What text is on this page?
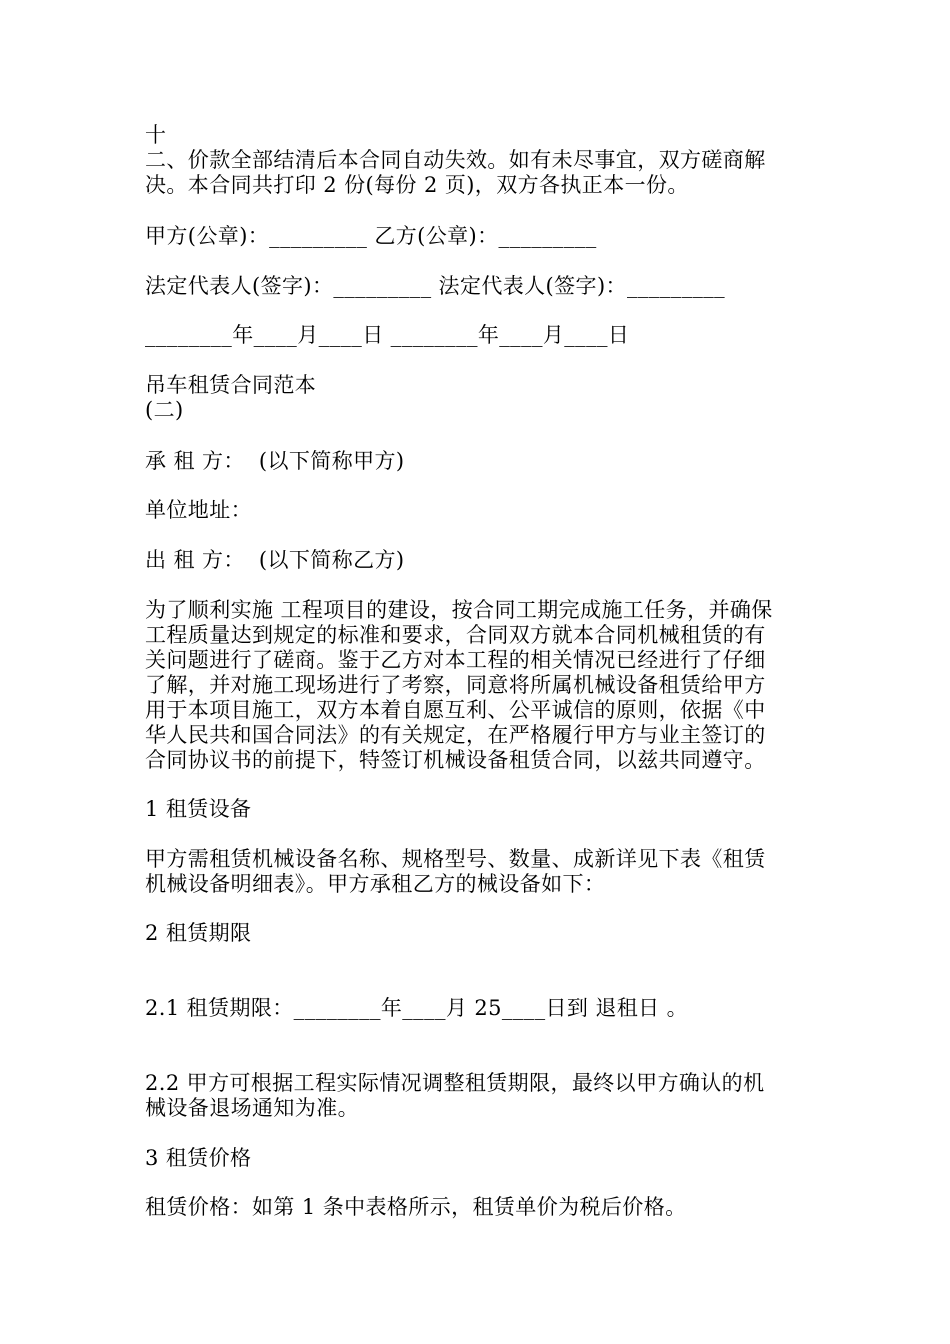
十
二、价款全部结清后本合同自动失效。如有未尽事宜，双方磋商解
决。本合同共打印 2 份(每份 2 页)，双方各执正本一份。
甲方(公章)：_________ 乙方(公章)：_________
法定代表人(签字)：_________ 法定代表人(签字)：_________
________年____月____日 ________年____月____日
吊车租赁合同范本
(二)
承 租 方：  (以下简称甲方)
单位地址：
出 租 方：  (以下简称乙方)
为了顺利实施 工程项目的建设，按合同工期完成施工任务，并确保
工程质量达到规定的标准和要求，合同双方就本合同机械租赁的有
关问题进行了磋商。鉴于乙方对本工程的相关情况已经进行了仔细
了解，并对施工现场进行了考察，同意将所属机械设备租赁给甲方
用于本项目施工，双方本着自愿互利、公平诚信的原则，依据《中
华人民共和国合同法》的有关规定，在严格履行甲方与业主签订的
合同协议书的前提下，特签订机械设备租赁合同，以兹共同遵守。
1 租赁设备
甲方需租赁机械设备名称、规格型号、数量、成新详见下表《租赁
机械设备明细表》。甲方承租乙方的械设备如下：
2 租赁期限
2.1 租赁期限：________年____月 25____日到 退租日 。
2.2 甲方可根据工程实际情况调整租赁期限，最终以甲方确认的机
械设备退场通知为准。
3 租赁价格
租赁价格：如第 1 条中表格所示，租赁单价为税后价格。
